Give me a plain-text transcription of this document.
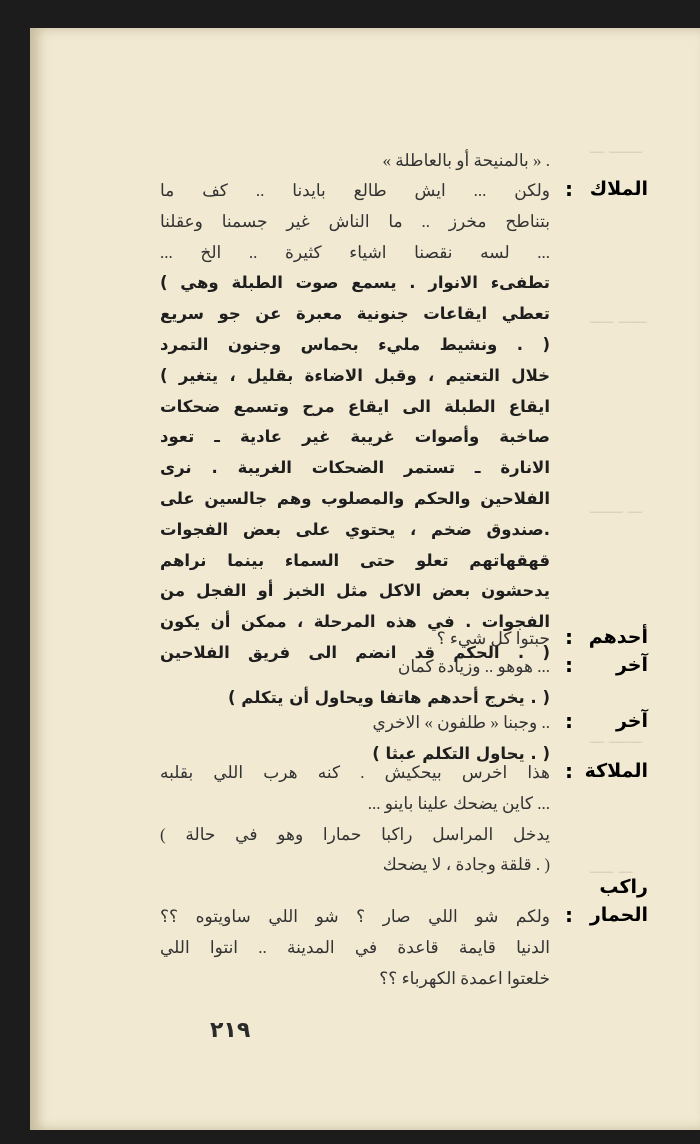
ـــ ـــــــ
ـــــ ــــــ
ـــــــ ـــ
ـــ ـــــــ
ـــــ ـــ
« بالمنيحة أو بالعاطلة » .
الملاك
:
ولكن ... ايش طالع بايدنا .. كف ما
بتناطح مخرز .. ما الناش غير جسمنا وعقلنا
... لسه نقصنا اشياء كثيرة .. الخ ...
( تطفىء الانوار . يسمع صوت الطبلة وهي
تعطي ايقاعات جنونية معبرة عن جو سريع
ونشيط مليء بحماس وجنون التمرد . )
( خلال التعتيم ، وقبل الاضاءة بقليل ، يتغير
ايقاع الطبلة الى ايقاع مرح وتسمع ضحكات
صاخبة وأصوات غريبة غير عادية ـ تعود
الانارة ـ تستمر الضحكات الغريبة . نرى
الفلاحين والحكم والمصلوب وهم جالسين على
صندوق ضخم ، يحتوي على بعض الفجوات.
قهقهاتهم تعلو حتى السماء بينما نراهم
يدحشون بعض الاكل مثل الخبز أو الفجل من
الفجوات . في هذه المرحلة ، ممكن أن يكون
الحكم قد انضم الى فريق الفلاحين . )
أحدهم
:
جبتوا كل شيء ؟
آخر
:
هوهو .. وزيادة كمان ...
( يخرج أحدهم هاتفا ويحاول أن يتكلم . )
آخر
:
وجبنا « طلفون » الاخري ..
( يحاول التكلم عبثا . )
الملاكة
:
هذا اخرس بيحكيش . كنه هرب اللي بقلبه
... كاين يضحك علينا باينو ...
( يدخل المراسل راكبا حمارا وهو في حالة
قلقة وجادة ، لا يضحك . )
راكب
الحمار
:
ولكم شو اللي صار ؟ شو اللي ساويتوه ؟؟
الدنيا قايمة قاعدة في المدينة .. انتوا اللي
خلعتوا اعمدة الكهرباء ؟؟
٢١٩
